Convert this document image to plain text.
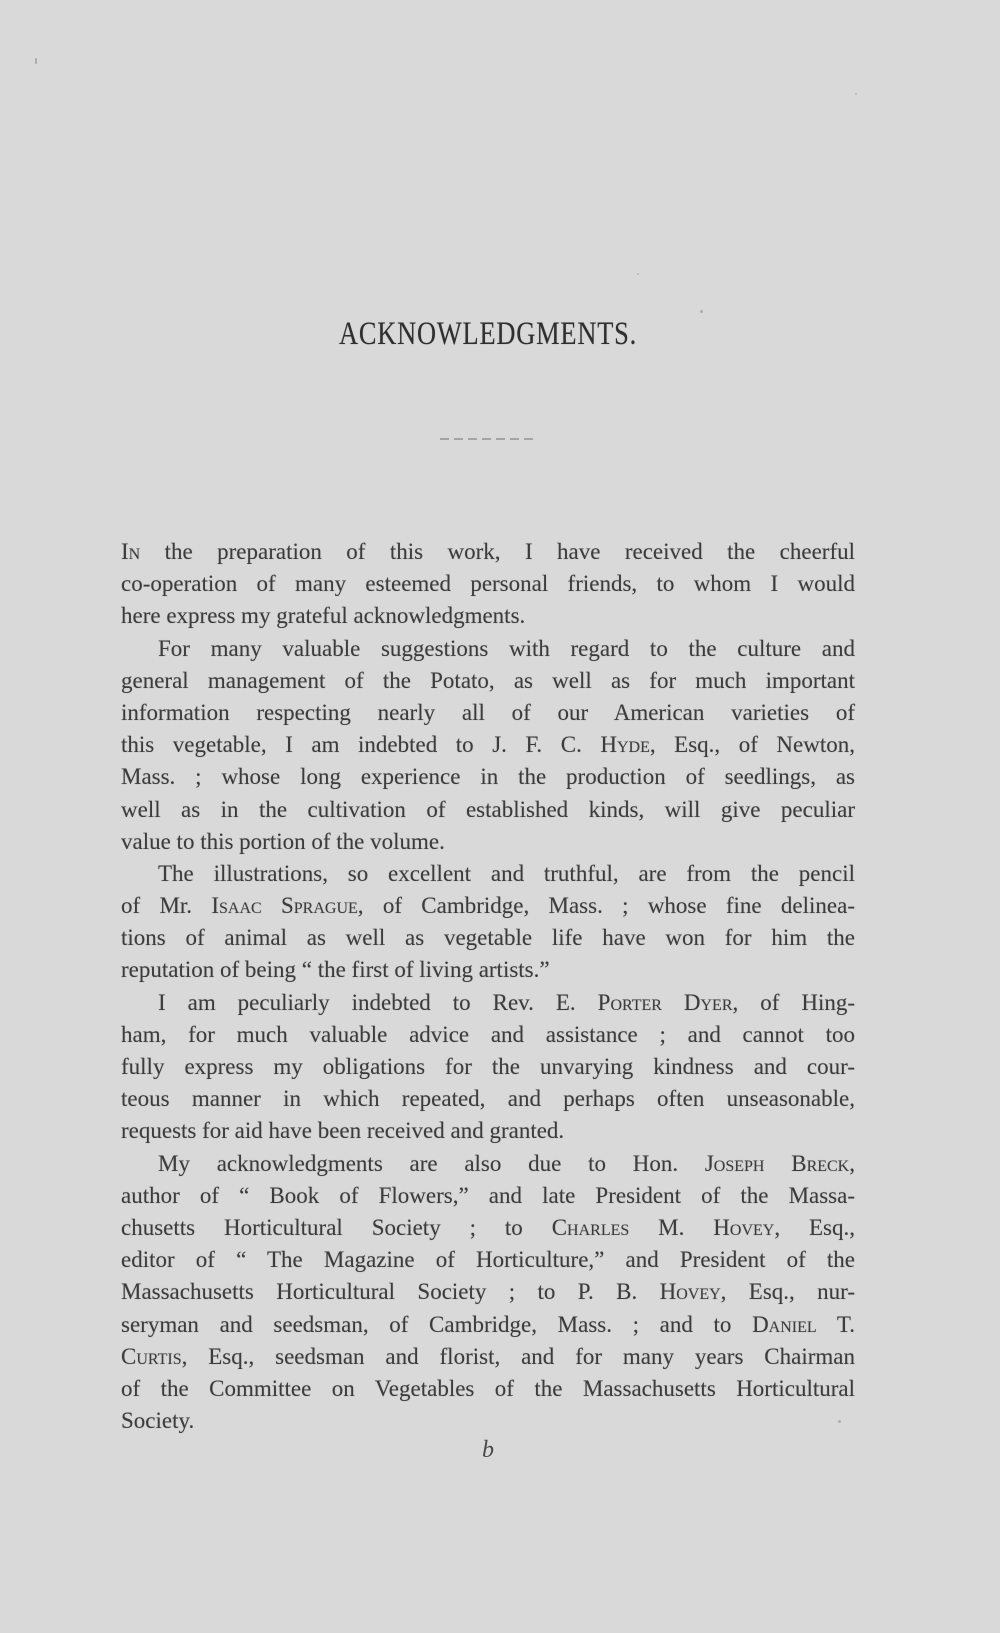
ACKNOWLEDGMENTS.
In the preparation of this work, I have received the cheerful
co-operation of many esteemed personal friends, to whom I would
here express my grateful acknowledgments.
For many valuable suggestions with regard to the culture and
general management of the Potato, as well as for much important
information respecting nearly all of our American varieties of
this vegetable, I am indebted to J. F. C. Hyde, Esq., of Newton,
Mass. ; whose long experience in the production of seedlings, as
well as in the cultivation of established kinds, will give peculiar
value to this portion of the volume.
The illustrations, so excellent and truthful, are from the pencil
of Mr. Isaac Sprague, of Cambridge, Mass. ; whose fine delinea-
tions of animal as well as vegetable life have won for him the
reputation of being “ the first of living artists.”
I am peculiarly indebted to Rev. E. Porter Dyer, of Hing-
ham, for much valuable advice and assistance ; and cannot too
fully express my obligations for the unvarying kindness and cour-
teous manner in which repeated, and perhaps often unseasonable,
requests for aid have been received and granted.
My acknowledgments are also due to Hon. Joseph Breck,
author of “ Book of Flowers,” and late President of the Massa-
chusetts Horticultural Society ; to Charles M. Hovey, Esq.,
editor of “ The Magazine of Horticulture,” and President of the
Massachusetts Horticultural Society ; to P. B. Hovey, Esq., nur-
seryman and seedsman, of Cambridge, Mass. ; and to Daniel T.
Curtis, Esq., seedsman and florist, and for many years Chairman
of the Committee on Vegetables of the Massachusetts Horticultural
Society.
b
